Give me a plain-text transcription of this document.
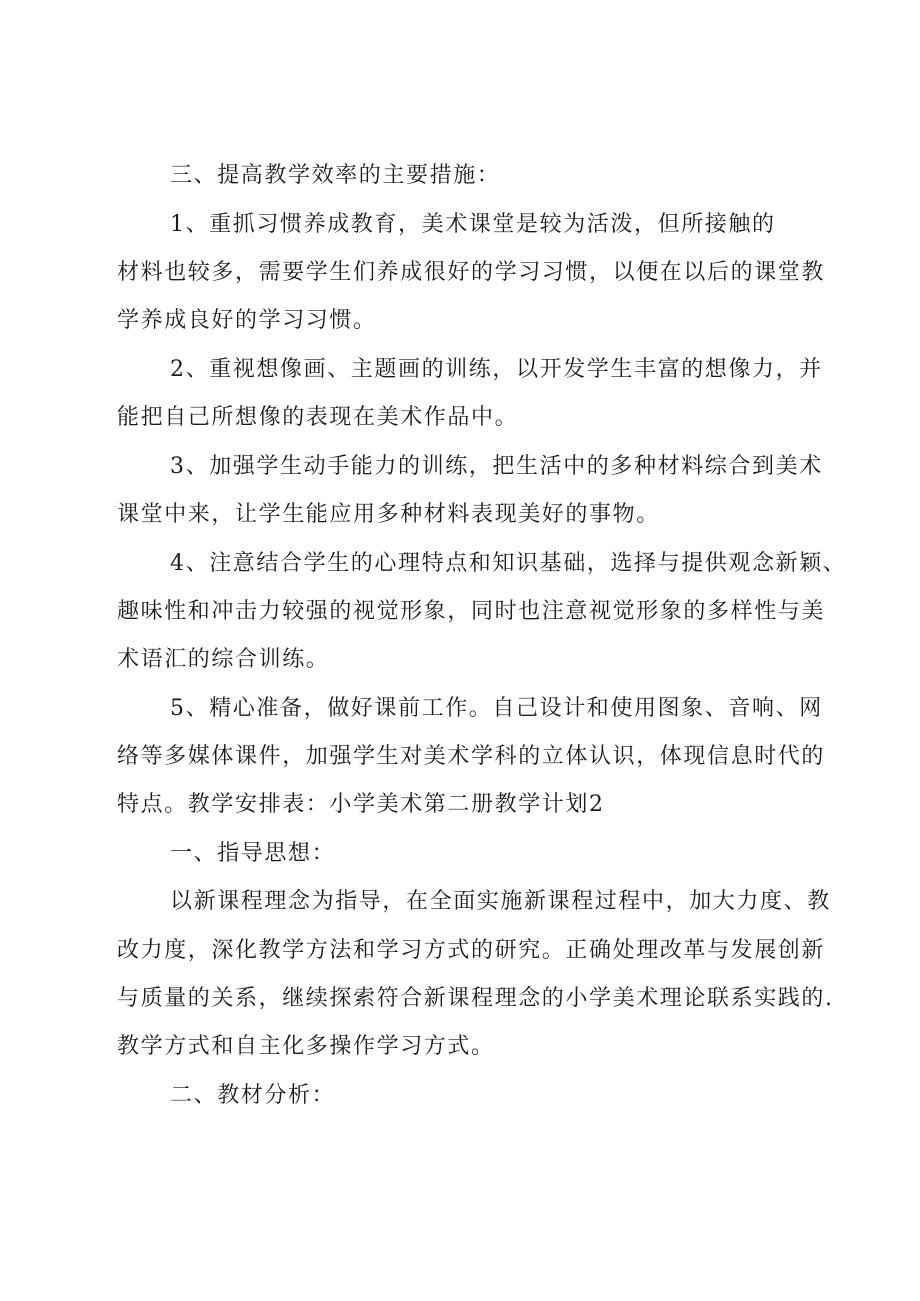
三、提高教学效率的主要措施：
1、重抓习惯养成教育，美术课堂是较为活泼，但所接触的
材料也较多，需要学生们养成很好的学习习惯，以便在以后的课堂教
学养成良好的学习习惯。
2、重视想像画、主题画的训练，以开发学生丰富的想像力，并
能把自己所想像的表现在美术作品中。
3、加强学生动手能力的训练，把生活中的多种材料综合到美术
课堂中来，让学生能应用多种材料表现美好的事物。
4、注意结合学生的心理特点和知识基础，选择与提供观念新颖、
趣味性和冲击力较强的视觉形象，同时也注意视觉形象的多样性与美
术语汇的综合训练。
5、精心准备，做好课前工作。自己设计和使用图象、音响、网
络等多媒体课件，加强学生对美术学科的立体认识，体现信息时代的
特点。教学安排表：小学美术第二册教学计划2
一、指导思想：
以新课程理念为指导，在全面实施新课程过程中，加大力度、教
改力度，深化教学方法和学习方式的研究。正确处理改革与发展创新
与质量的关系，继续探索符合新课程理念的小学美术理论联系实践的.
教学方式和自主化多操作学习方式。
二、教材分析：
